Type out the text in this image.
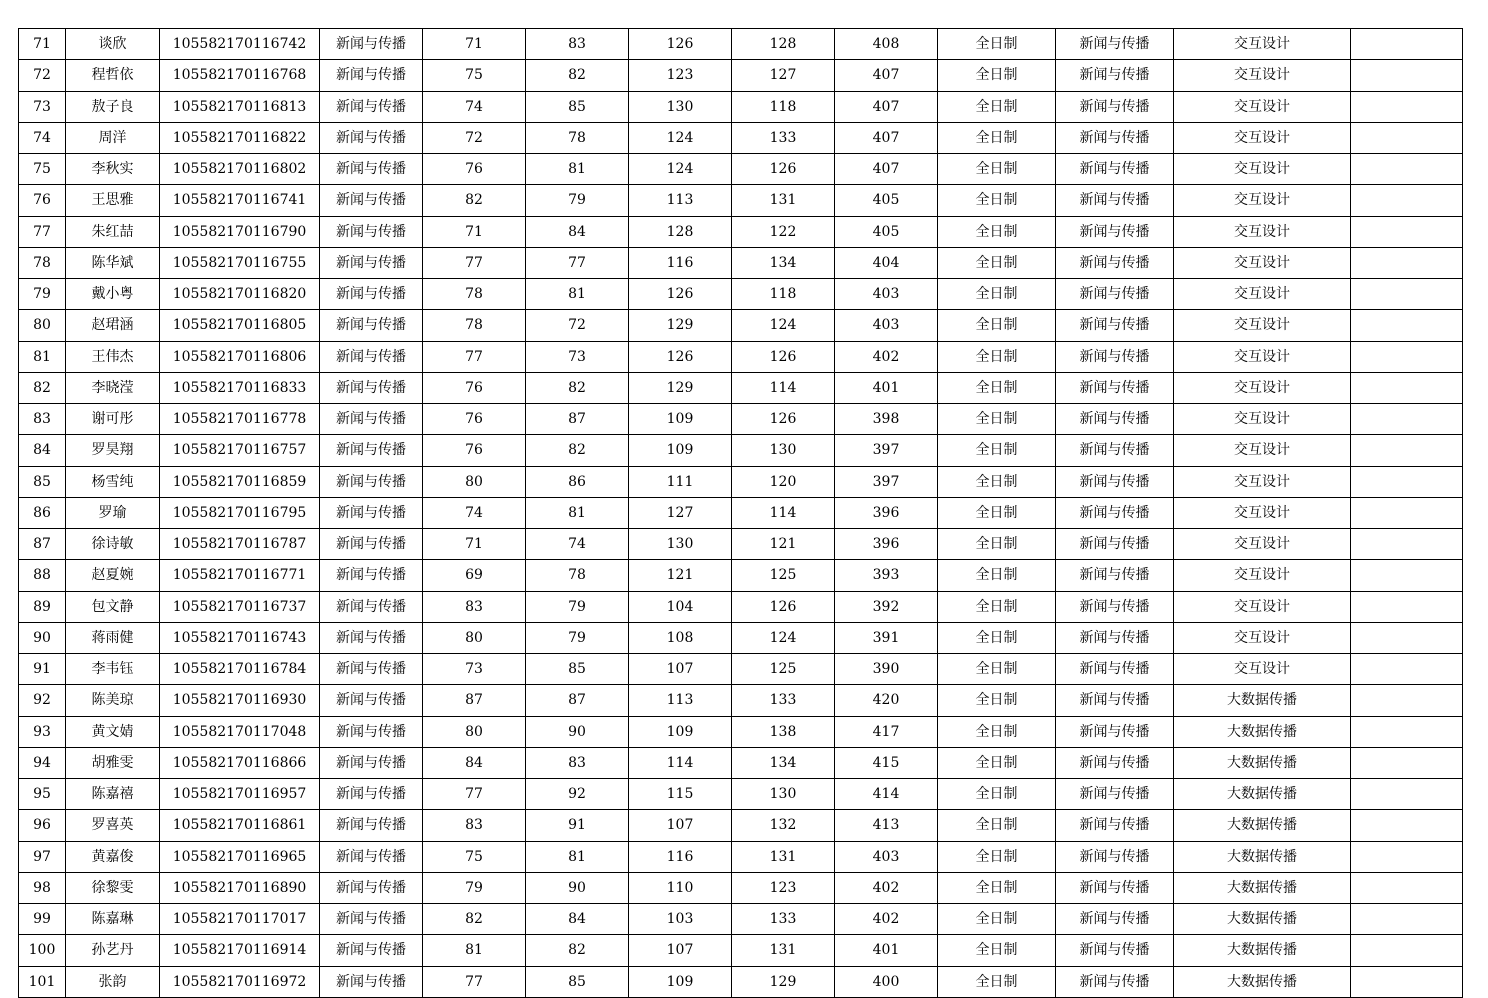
71	谈欣	105582170116742	新闻与传播	71	83	126	128	408	全日制	新闻与传播	交互设计	
72	程哲依	105582170116768	新闻与传播	75	82	123	127	407	全日制	新闻与传播	交互设计	
73	敖子良	105582170116813	新闻与传播	74	85	130	118	407	全日制	新闻与传播	交互设计	
74	周洋	105582170116822	新闻与传播	72	78	124	133	407	全日制	新闻与传播	交互设计	
75	李秋实	105582170116802	新闻与传播	76	81	124	126	407	全日制	新闻与传播	交互设计	
76	王思雅	105582170116741	新闻与传播	82	79	113	131	405	全日制	新闻与传播	交互设计	
77	朱红喆	105582170116790	新闻与传播	71	84	128	122	405	全日制	新闻与传播	交互设计	
78	陈华斌	105582170116755	新闻与传播	77	77	116	134	404	全日制	新闻与传播	交互设计	
79	戴小粤	105582170116820	新闻与传播	78	81	126	118	403	全日制	新闻与传播	交互设计	
80	赵珺涵	105582170116805	新闻与传播	78	72	129	124	403	全日制	新闻与传播	交互设计	
81	王伟杰	105582170116806	新闻与传播	77	73	126	126	402	全日制	新闻与传播	交互设计	
82	李晓滢	105582170116833	新闻与传播	76	82	129	114	401	全日制	新闻与传播	交互设计	
83	谢可彤	105582170116778	新闻与传播	76	87	109	126	398	全日制	新闻与传播	交互设计	
84	罗昊翔	105582170116757	新闻与传播	76	82	109	130	397	全日制	新闻与传播	交互设计	
85	杨雪纯	105582170116859	新闻与传播	80	86	111	120	397	全日制	新闻与传播	交互设计	
86	罗瑜	105582170116795	新闻与传播	74	81	127	114	396	全日制	新闻与传播	交互设计	
87	徐诗敏	105582170116787	新闻与传播	71	74	130	121	396	全日制	新闻与传播	交互设计	
88	赵夏婉	105582170116771	新闻与传播	69	78	121	125	393	全日制	新闻与传播	交互设计	
89	包文静	105582170116737	新闻与传播	83	79	104	126	392	全日制	新闻与传播	交互设计	
90	蒋雨健	105582170116743	新闻与传播	80	79	108	124	391	全日制	新闻与传播	交互设计	
91	李韦钰	105582170116784	新闻与传播	73	85	107	125	390	全日制	新闻与传播	交互设计	
92	陈美琼	105582170116930	新闻与传播	87	87	113	133	420	全日制	新闻与传播	大数据传播	
93	黄文婧	105582170117048	新闻与传播	80	90	109	138	417	全日制	新闻与传播	大数据传播	
94	胡雅雯	105582170116866	新闻与传播	84	83	114	134	415	全日制	新闻与传播	大数据传播	
95	陈嘉禧	105582170116957	新闻与传播	77	92	115	130	414	全日制	新闻与传播	大数据传播	
96	罗喜英	105582170116861	新闻与传播	83	91	107	132	413	全日制	新闻与传播	大数据传播	
97	黄嘉俊	105582170116965	新闻与传播	75	81	116	131	403	全日制	新闻与传播	大数据传播	
98	徐黎雯	105582170116890	新闻与传播	79	90	110	123	402	全日制	新闻与传播	大数据传播	
99	陈嘉琳	105582170117017	新闻与传播	82	84	103	133	402	全日制	新闻与传播	大数据传播	
100	孙艺丹	105582170116914	新闻与传播	81	82	107	131	401	全日制	新闻与传播	大数据传播	
101	张韵	105582170116972	新闻与传播	77	85	109	129	400	全日制	新闻与传播	大数据传播	
